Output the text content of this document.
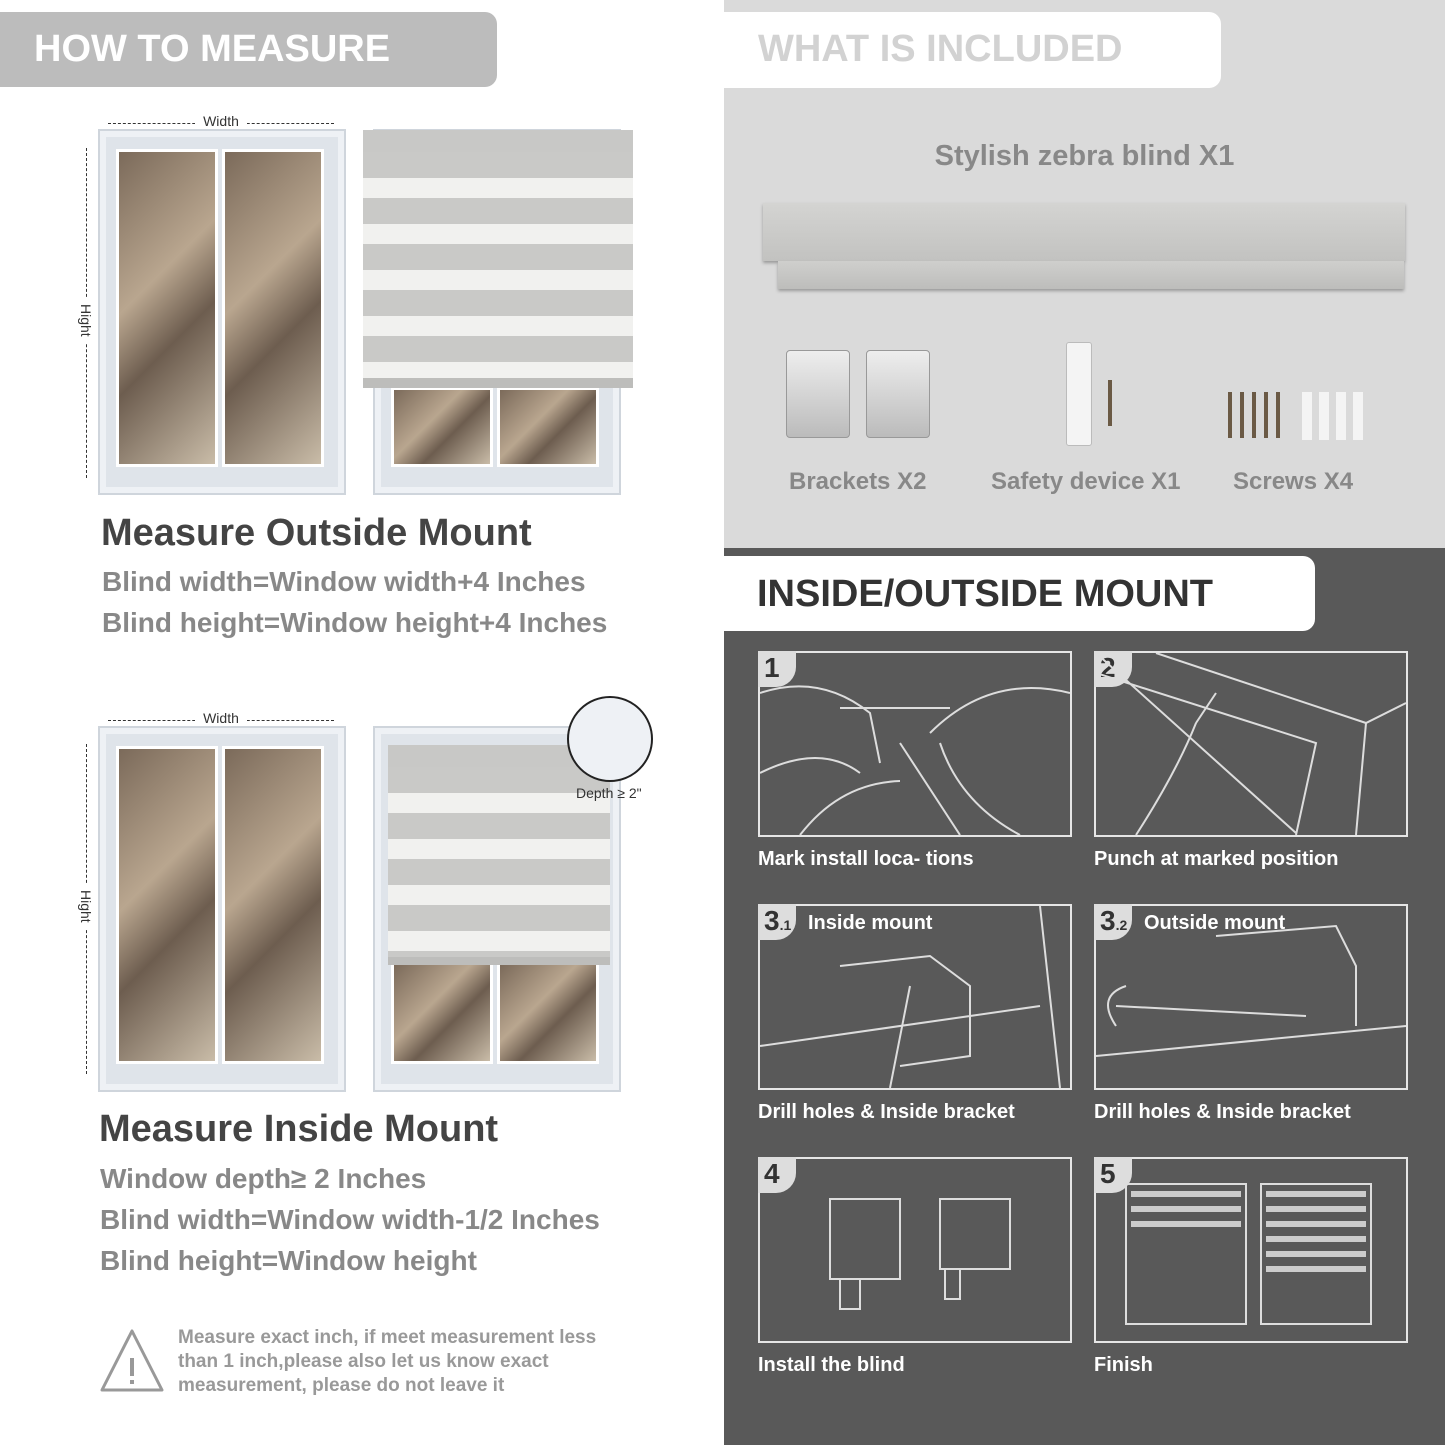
HOW TO MEASURE
Width
Hight
Measure Outside Mount
Blind width=Window width+4 Inches
Blind height=Window height+4 Inches
Width
Hight
Depth ≥ 2"
Measure Inside Mount
Window depth≥ 2 Inches
Blind width=Window width-1/2 Inches
Blind height=Window height
Measure exact inch, if meet measurement less
than 1 inch,please also let us know exact
measurement, please do not leave it
WHAT IS INCLUDED
Stylish zebra blind X1
Brackets X2	Safety device X1 Screws X4
INSIDE/OUTSIDE MOUNT
1
Mark install loca- tions
2
Punch at marked position
3.1 Inside mount
Drill holes & Inside bracket
3.2 Outside mount
Drill holes & Inside bracket
4
Install the blind
5
Finish
